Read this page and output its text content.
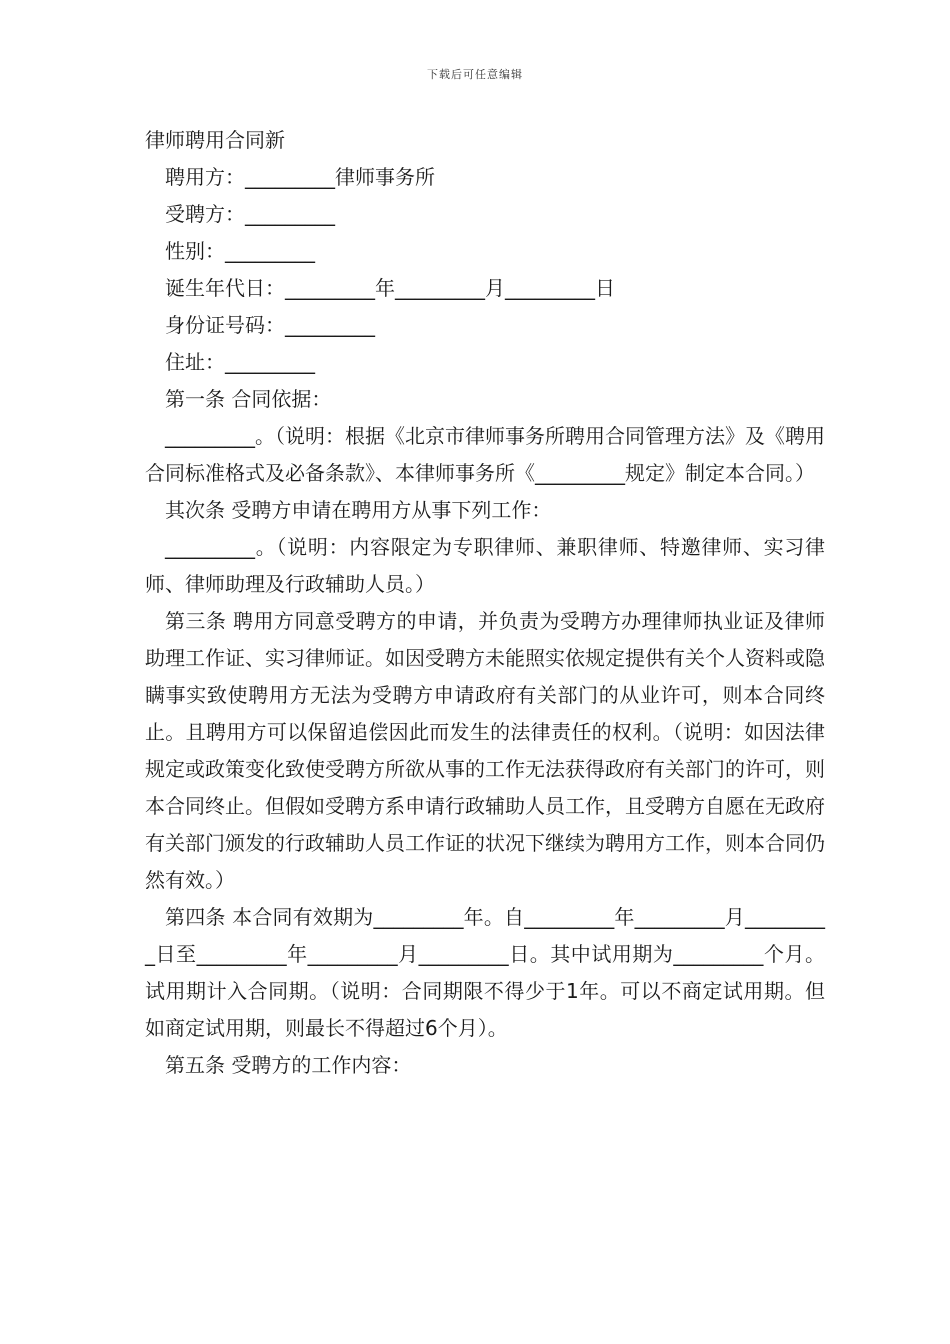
下载后可任意编辑
律师聘用合同新
聘用方：_________律师事务所
受聘方：_________
性别：_________
诞生年代日：_________年_________月_________日
身份证号码：_________
住址：_________
第一条 合同依据：
_________。（说明：根据《北京市律师事务所聘用合同管理方法》及《聘用合同标准格式及必备条款》、本律师事务所《_________规定》制定本合同。）
其次条 受聘方申请在聘用方从事下列工作：
_________。（说明：内容限定为专职律师、兼职律师、特邀律师、实习律师、律师助理及行政辅助人员。）
第三条 聘用方同意受聘方的申请，并负责为受聘方办理律师执业证及律师助理工作证、实习律师证。如因受聘方未能照实依规定提供有关个人资料或隐瞒事实致使聘用方无法为受聘方申请政府有关部门的从业许可，则本合同终止。且聘用方可以保留追偿因此而发生的法律责任的权利。（说明：如因法律规定或政策变化致使受聘方所欲从事的工作无法获得政府有关部门的许可，则本合同终止。但假如受聘方系申请行政辅助人员工作，且受聘方自愿在无政府有关部门颁发的行政辅助人员工作证的状况下继续为聘用方工作，则本合同仍然有效。）
第四条 本合同有效期为_________年。自_________年_________月_________日至_________年_________月_________日。其中试用期为_________个月。试用期计入合同期。（说明：合同期限不得少于1年。可以不商定试用期。但如商定试用期，则最长不得超过6个月）。
第五条 受聘方的工作内容：
